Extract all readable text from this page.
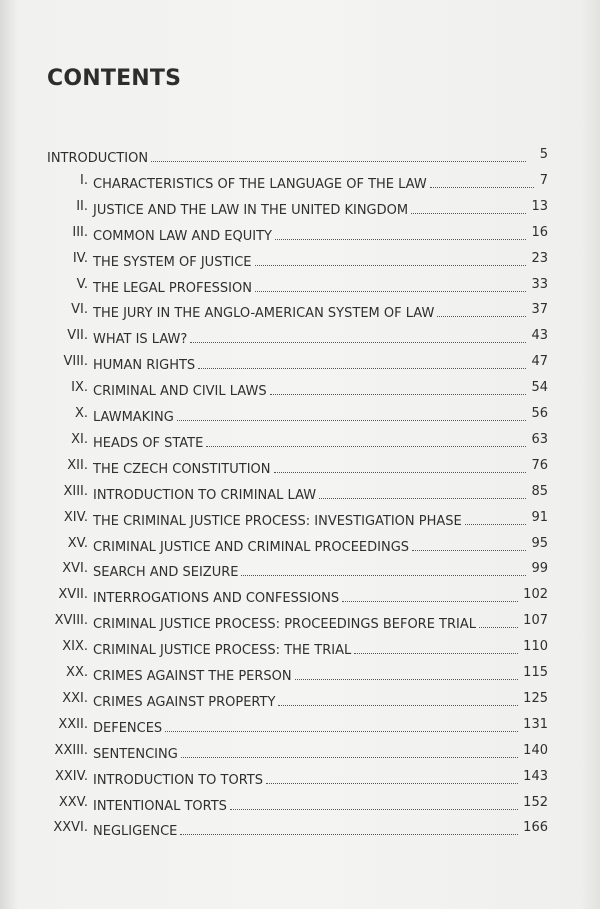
CONTENTS
INTRODUCTION	5
I. CHARACTERISTICS OF THE LANGUAGE OF THE LAW	7
II. JUSTICE AND THE LAW IN THE UNITED KINGDOM	13
III. COMMON LAW AND EQUITY	16
IV. THE SYSTEM OF JUSTICE	23
V. THE LEGAL PROFESSION	33
VI. THE JURY IN THE ANGLO-AMERICAN SYSTEM OF LAW	37
VII. WHAT IS LAW?	43
VIII. HUMAN RIGHTS	47
IX. CRIMINAL AND CIVIL LAWS	54
X. LAWMAKING	56
XI. HEADS OF STATE	63
XII. THE CZECH CONSTITUTION	76
XIII. INTRODUCTION TO CRIMINAL LAW	85
XIV. THE CRIMINAL JUSTICE PROCESS: INVESTIGATION PHASE	91
XV. CRIMINAL JUSTICE AND CRIMINAL PROCEEDINGS	95
XVI. SEARCH AND SEIZURE	99
XVII. INTERROGATIONS AND CONFESSIONS	102
XVIII. CRIMINAL JUSTICE PROCESS: PROCEEDINGS BEFORE TRIAL	107
XIX. CRIMINAL JUSTICE PROCESS: THE TRIAL	110
XX. CRIMES AGAINST THE PERSON	115
XXI. CRIMES AGAINST PROPERTY	125
XXII. DEFENCES	131
XXIII. SENTENCING	140
XXIV. INTRODUCTION TO TORTS	143
XXV. INTENTIONAL TORTS	152
XXVI. NEGLIGENCE	166
